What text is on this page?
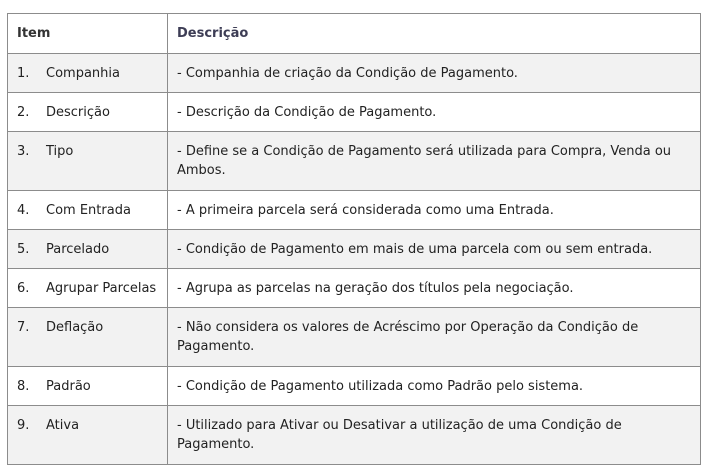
Item	Descrição
1. Companhia	- Companhia de criação da Condição de Pagamento.
2. Descrição	- Descrição da Condição de Pagamento.
3. Tipo	- Define se a Condição de Pagamento será utilizada para Compra, Venda ou Ambos.
4. Com Entrada	- A primeira parcela será considerada como uma Entrada.
5. Parcelado	- Condição de Pagamento em mais de uma parcela com ou sem entrada.
6. Agrupar Parcelas	- Agrupa as parcelas na geração dos títulos pela negociação.
7. Deflação	- Não considera os valores de Acréscimo por Operação da Condição de Pagamento.
8. Padrão	- Condição de Pagamento utilizada como Padrão pelo sistema.
9. Ativa	- Utilizado para Ativar ou Desativar a utilização de uma Condição de Pagamento.
